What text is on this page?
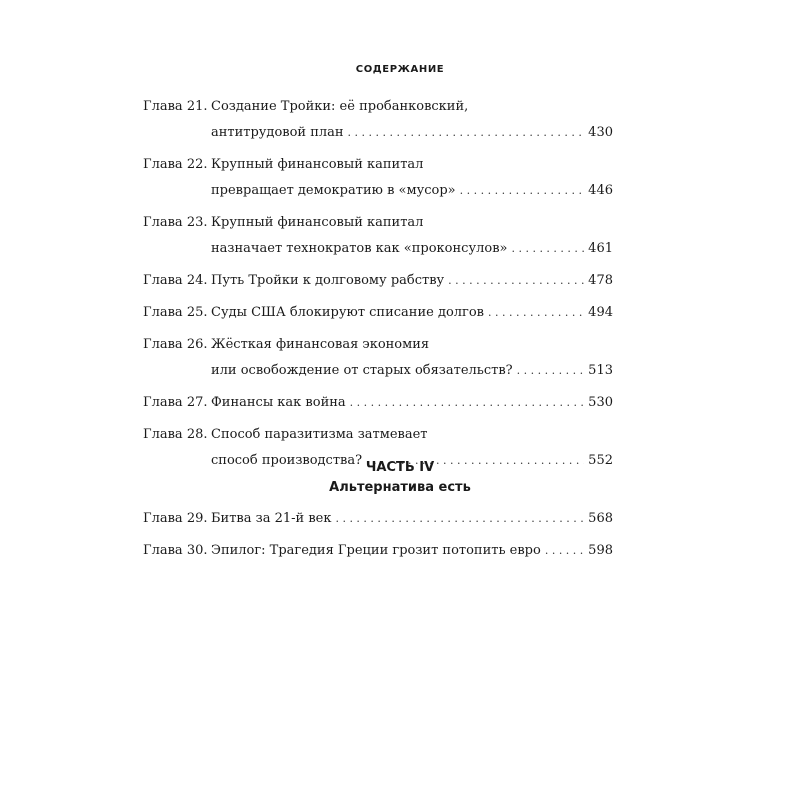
СОДЕРЖАНИЕ
Глава 21. Создание Тройки: её пробанковский,
антитрудовой план . . .	430
Глава 22. Крупный финансовый капитал
превращает демократию в «мусор» . . .	446
Глава 23. Крупный финансовый капитал
назначает технократов как «проконсулов» . . .	461
Глава 24. Путь Тройки к долговому рабству . . .	478
Глава 25. Суды США блокируют списание долгов . . .	494
Глава 26. Жёсткая финансовая экономия
или освобождение от старых обязательств? . . .	513
Глава 27. Финансы как война . . .	530
Глава 28. Способ паразитизма затмевает
способ производства? . . .	552
ЧАСТЬ IV
Альтернатива есть
Глава 29. Битва за 21-й век . . .	568
Глава 30. Эпилог: Трагедия Греции грозит потопить евро . . .	598
